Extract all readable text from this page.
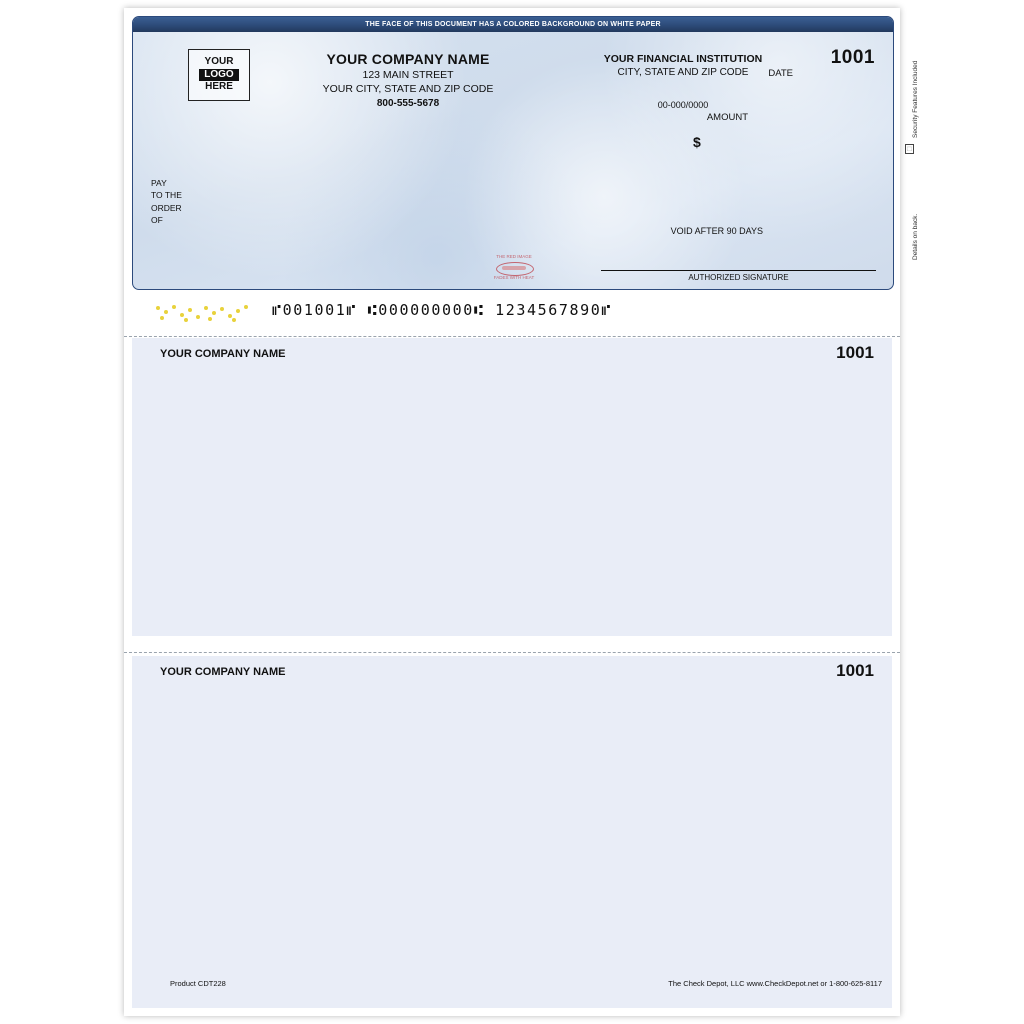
THE FACE OF THIS DOCUMENT HAS A COLORED BACKGROUND ON WHITE PAPER
YOUR
LOGO
HERE
YOUR COMPANY NAME
123 MAIN STREET
YOUR CITY, STATE AND ZIP CODE
800-555-5678
YOUR FINANCIAL INSTITUTION
CITY, STATE AND ZIP CODE
00-000/0000
1001
DATE
AMOUNT
$
PAY
TO THE
ORDER
OF
VOID AFTER 90 DAYS
AUTHORIZED SIGNATURE
THE RED IMAGE
FADES WITH HEAT
⑈001001⑈ ⑆000000000⑆ 1234567890⑈
YOUR COMPANY NAME	1001
YOUR COMPANY NAME	1001
Product CDT228	The Check Depot, LLC www.CheckDepot.net or 1-800-625-8117
Details on back.
⬚
Security Features Included
